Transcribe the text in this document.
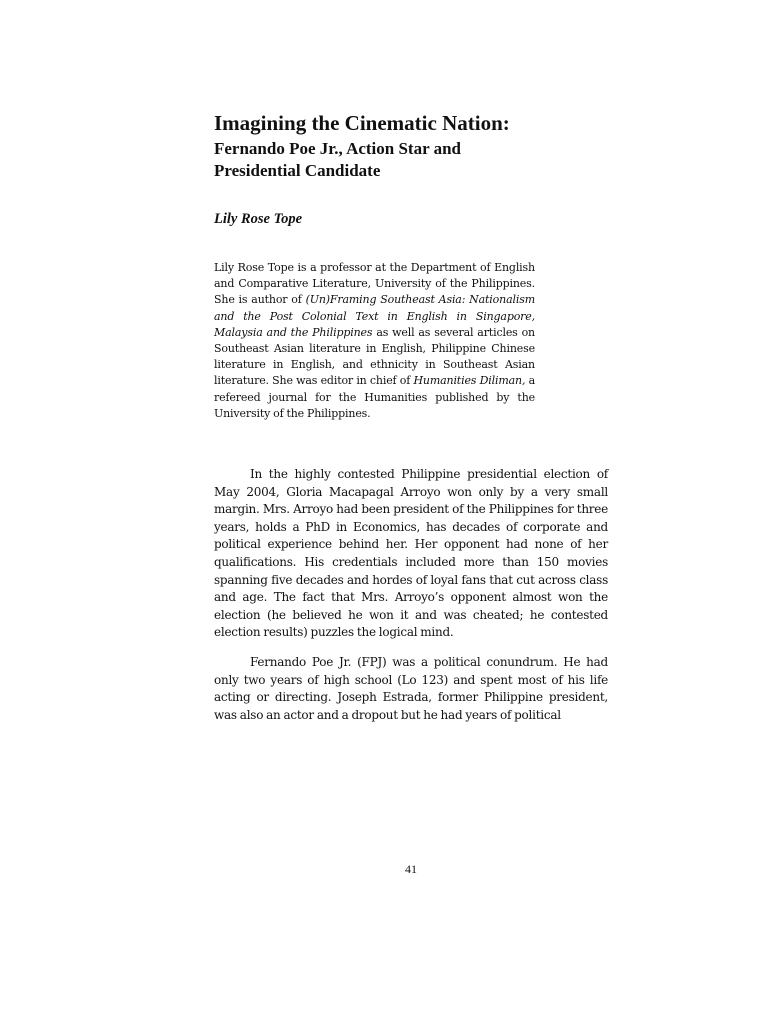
Imagining the Cinematic Nation:
Fernando Poe Jr., Action Star and
Presidential Candidate
Lily Rose Tope
Lily Rose Tope is a professor at the Department of English and Comparative Literature, University of the Philippines. She is author of (Un)Framing Southeast Asia: Nationalism and the Post Colonial Text in English in Singapore, Malaysia and the Philippines as well as several articles on Southeast Asian literature in English, Philippine Chinese literature in English, and ethnicity in Southeast Asian literature. She was editor in chief of Humanities Diliman, a refereed journal for the Humanities published by the University of the Philippines.

In the highly contested Philippine presidential election of May 2004, Gloria Macapagal Arroyo won only by a very small margin. Mrs. Arroyo had been president of the Philippines for three years, holds a PhD in Economics, has decades of corporate and political experience behind her. Her opponent had none of her qualifications. His credentials included more than 150 movies spanning five decades and hordes of loyal fans that cut across class and age. The fact that Mrs. Arroyo’s opponent almost won the election (he believed he won it and was cheated; he contested election results) puzzles the logical mind.

Fernando Poe Jr. (FPJ) was a political conundrum. He had only two years of high school (Lo 123) and spent most of his life acting or directing. Joseph Estrada, former Philippine president, was also an actor and a dropout but he had years of political

41
